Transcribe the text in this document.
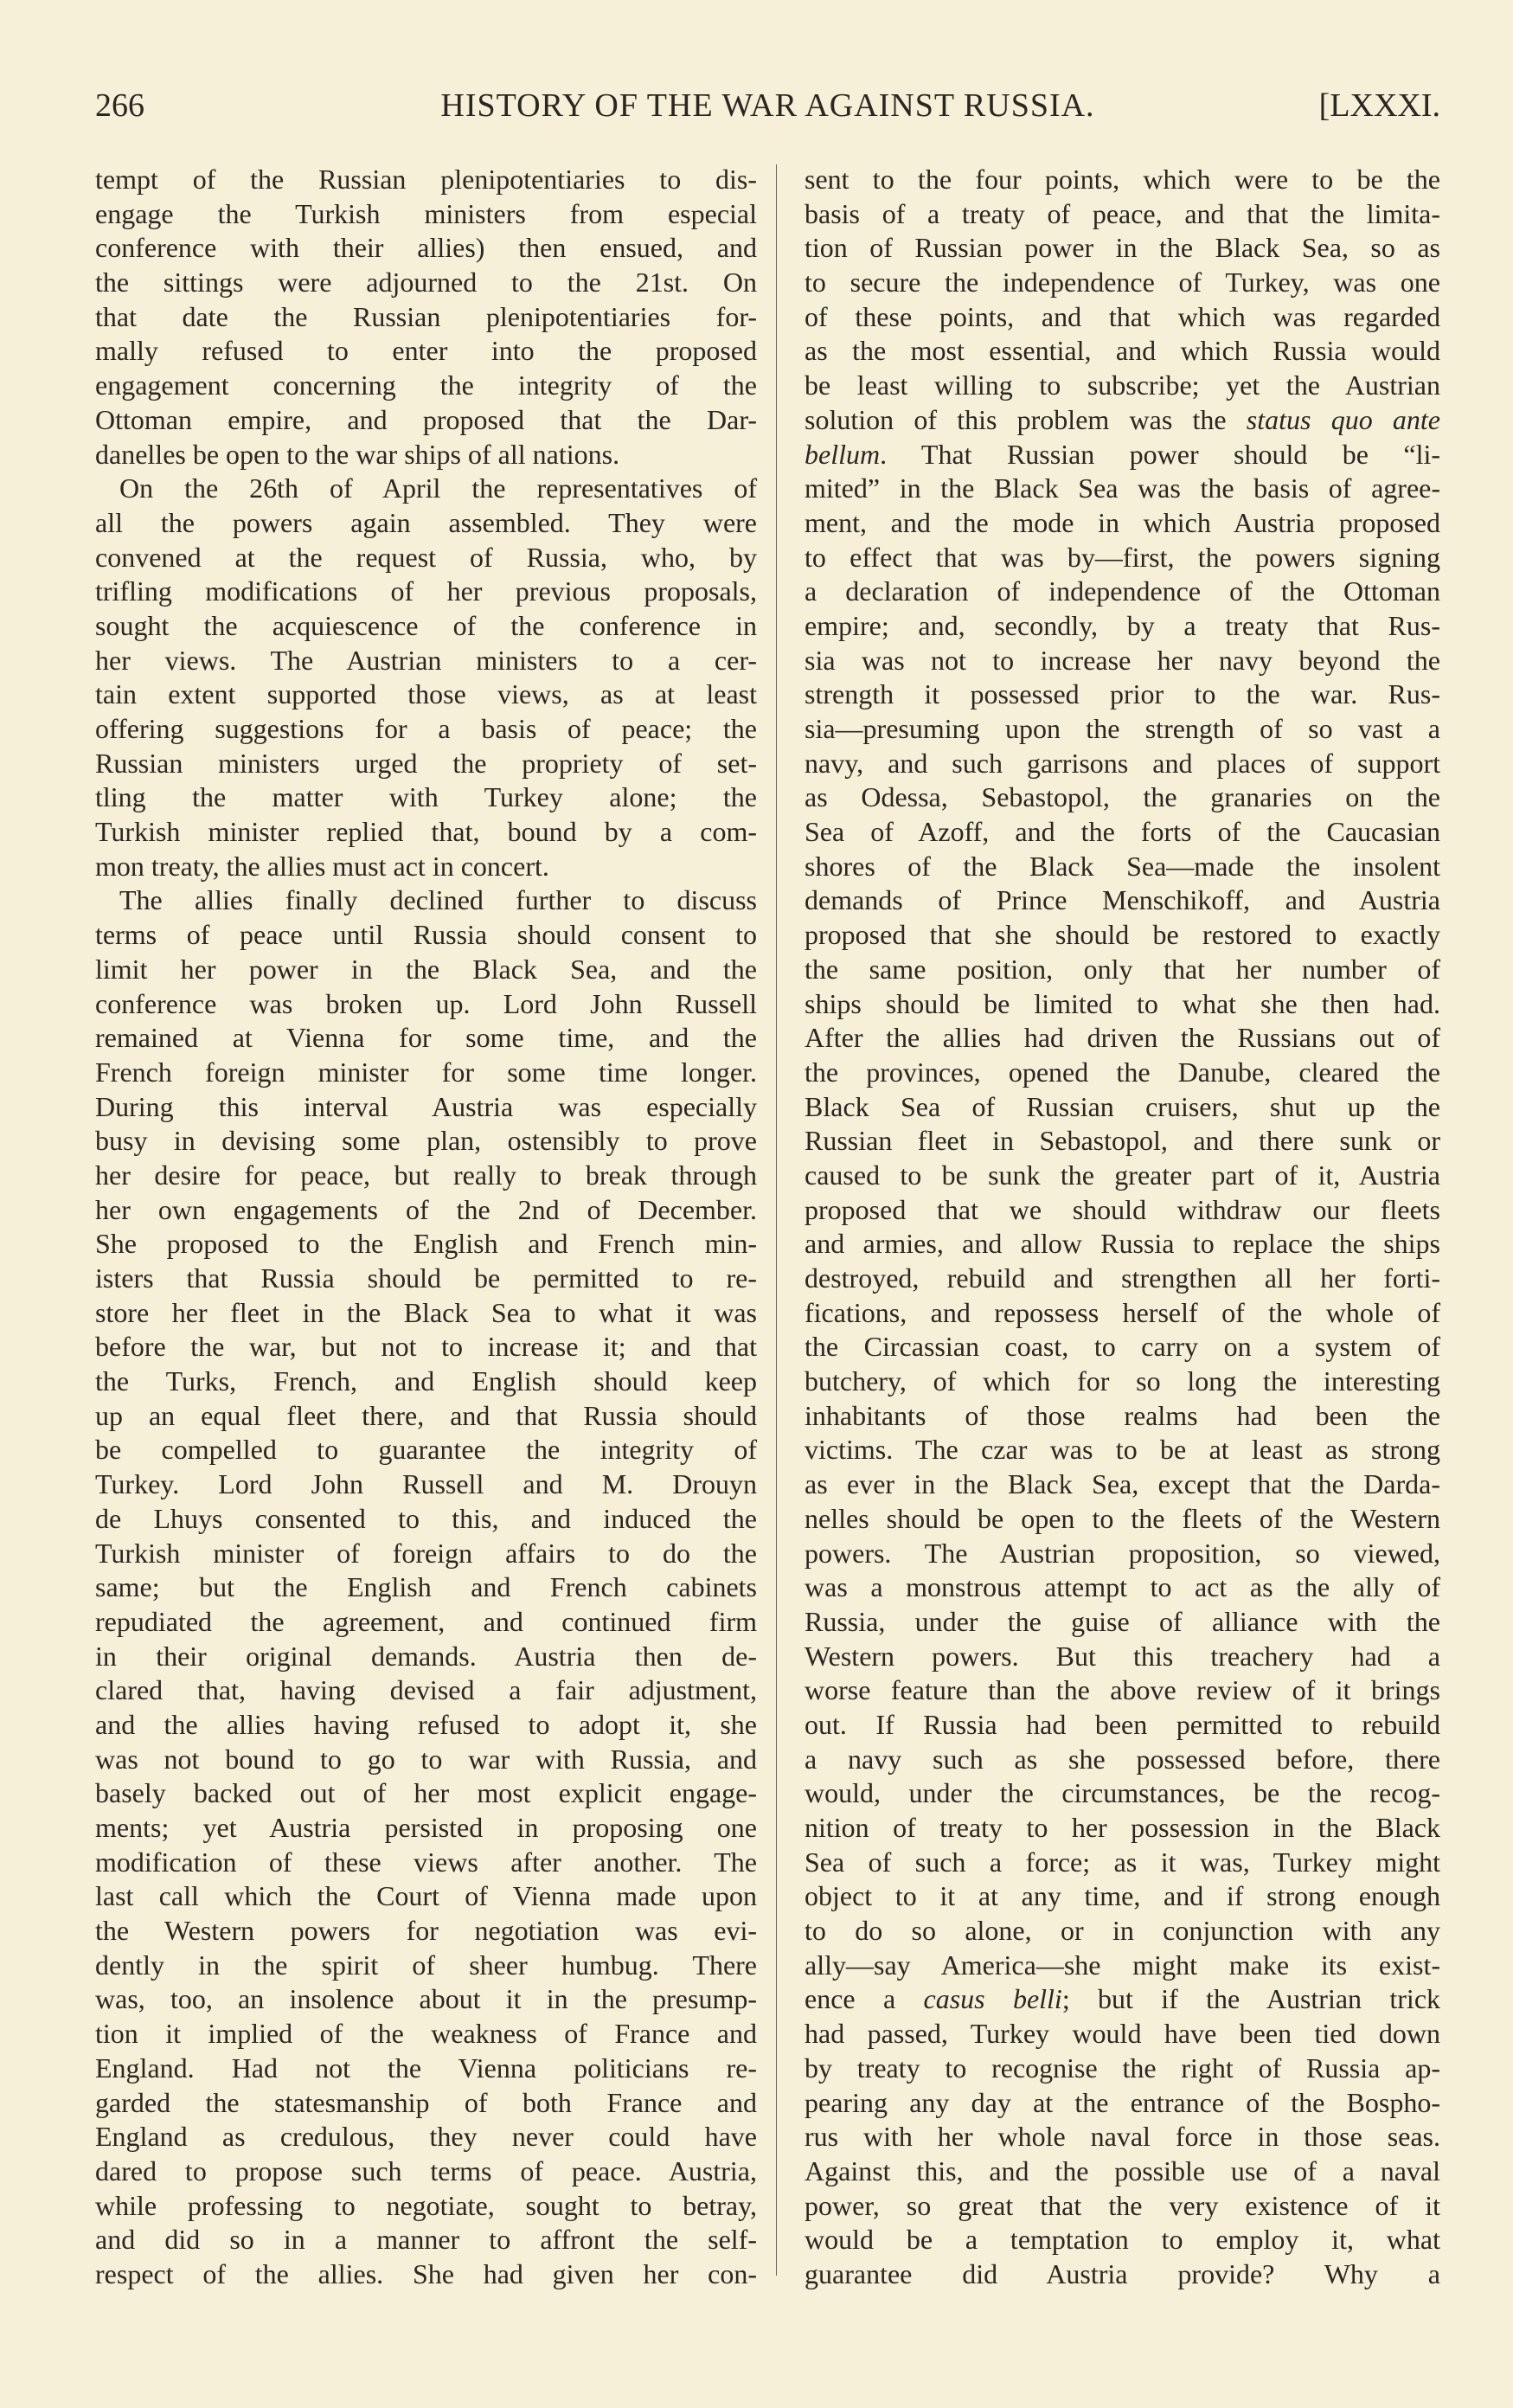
266	HISTORY OF THE WAR AGAINST RUSSIA.	[LXXXI.
tempt of the Russian plenipotentiaries to dis-
engage the Turkish ministers from especial
conference with their allies) then ensued, and
the sittings were adjourned to the 21st. On
that date the Russian plenipotentiaries for-
mally refused to enter into the proposed
engagement concerning the integrity of the
Ottoman empire, and proposed that the Dar-
danelles be open to the war ships of all nations.
On the 26th of April the representatives of
all the powers again assembled. They were
convened at the request of Russia, who, by
trifling modifications of her previous proposals,
sought the acquiescence of the conference in
her views. The Austrian ministers to a cer-
tain extent supported those views, as at least
offering suggestions for a basis of peace; the
Russian ministers urged the propriety of set-
tling the matter with Turkey alone; the
Turkish minister replied that, bound by a com-
mon treaty, the allies must act in concert.
The allies finally declined further to discuss
terms of peace until Russia should consent to
limit her power in the Black Sea, and the
conference was broken up. Lord John Russell
remained at Vienna for some time, and the
French foreign minister for some time longer.
During this interval Austria was especially
busy in devising some plan, ostensibly to prove
her desire for peace, but really to break through
her own engagements of the 2nd of December.
She proposed to the English and French min-
isters that Russia should be permitted to re-
store her fleet in the Black Sea to what it was
before the war, but not to increase it; and that
the Turks, French, and English should keep
up an equal fleet there, and that Russia should
be compelled to guarantee the integrity of
Turkey. Lord John Russell and M. Drouyn
de Lhuys consented to this, and induced the
Turkish minister of foreign affairs to do the
same; but the English and French cabinets
repudiated the agreement, and continued firm
in their original demands. Austria then de-
clared that, having devised a fair adjustment,
and the allies having refused to adopt it, she
was not bound to go to war with Russia, and
basely backed out of her most explicit engage-
ments; yet Austria persisted in proposing one
modification of these views after another. The
last call which the Court of Vienna made upon
the Western powers for negotiation was evi-
dently in the spirit of sheer humbug. There
was, too, an insolence about it in the presump-
tion it implied of the weakness of France and
England. Had not the Vienna politicians re-
garded the statesmanship of both France and
England as credulous, they never could have
dared to propose such terms of peace. Austria,
while professing to negotiate, sought to betray,
and did so in a manner to affront the self-
respect of the allies. She had given her con-
sent to the four points, which were to be the
basis of a treaty of peace, and that the limita-
tion of Russian power in the Black Sea, so as
to secure the independence of Turkey, was one
of these points, and that which was regarded
as the most essential, and which Russia would
be least willing to subscribe; yet the Austrian
solution of this problem was the status quo ante
bellum. That Russian power should be “li-
mited” in the Black Sea was the basis of agree-
ment, and the mode in which Austria proposed
to effect that was by—first, the powers signing
a declaration of independence of the Ottoman
empire; and, secondly, by a treaty that Rus-
sia was not to increase her navy beyond the
strength it possessed prior to the war. Rus-
sia—presuming upon the strength of so vast a
navy, and such garrisons and places of support
as Odessa, Sebastopol, the granaries on the
Sea of Azoff, and the forts of the Caucasian
shores of the Black Sea—made the insolent
demands of Prince Menschikoff, and Austria
proposed that she should be restored to exactly
the same position, only that her number of
ships should be limited to what she then had.
After the allies had driven the Russians out of
the provinces, opened the Danube, cleared the
Black Sea of Russian cruisers, shut up the
Russian fleet in Sebastopol, and there sunk or
caused to be sunk the greater part of it, Austria
proposed that we should withdraw our fleets
and armies, and allow Russia to replace the ships
destroyed, rebuild and strengthen all her forti-
fications, and repossess herself of the whole of
the Circassian coast, to carry on a system of
butchery, of which for so long the interesting
inhabitants of those realms had been the
victims. The czar was to be at least as strong
as ever in the Black Sea, except that the Darda-
nelles should be open to the fleets of the Western
powers. The Austrian proposition, so viewed,
was a monstrous attempt to act as the ally of
Russia, under the guise of alliance with the
Western powers. But this treachery had a
worse feature than the above review of it brings
out. If Russia had been permitted to rebuild
a navy such as she possessed before, there
would, under the circumstances, be the recog-
nition of treaty to her possession in the Black
Sea of such a force; as it was, Turkey might
object to it at any time, and if strong enough
to do so alone, or in conjunction with any
ally—say America—she might make its exist-
ence a casus belli; but if the Austrian trick
had passed, Turkey would have been tied down
by treaty to recognise the right of Russia ap-
pearing any day at the entrance of the Bospho-
rus with her whole naval force in those seas.
Against this, and the possible use of a naval
power, so great that the very existence of it
would be a temptation to employ it, what
guarantee did Austria provide? Why a
